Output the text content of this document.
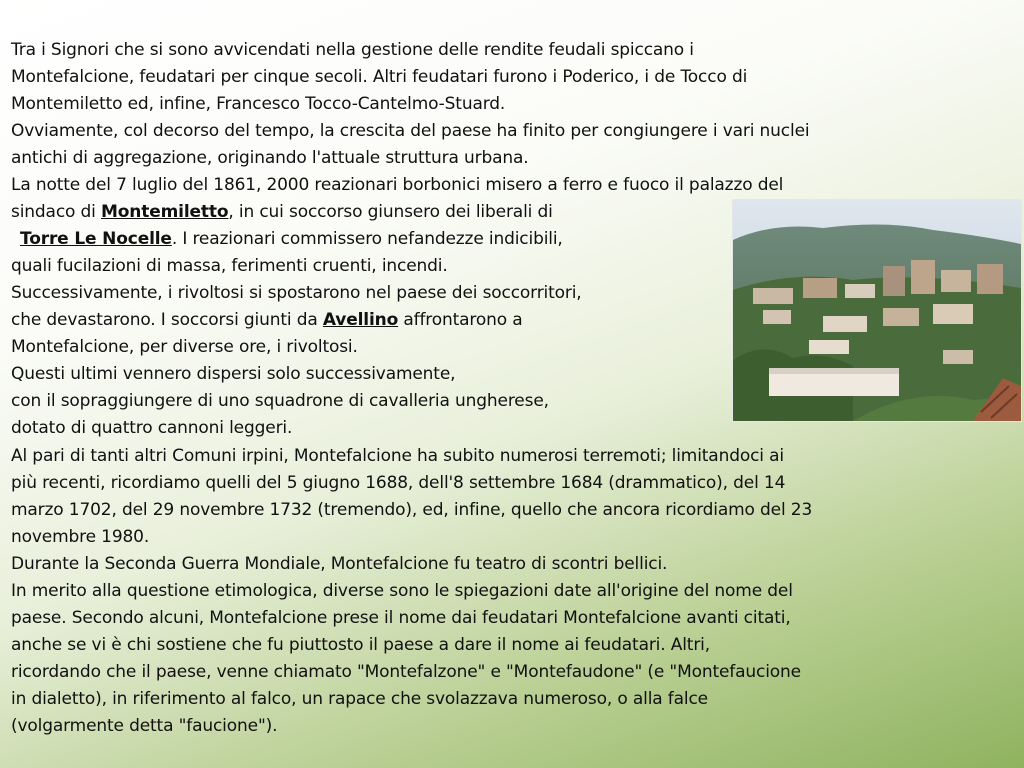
Tra i Signori che si sono avvicendati nella gestione delle rendite feudali spiccano i
Montefalcione, feudatari per cinque secoli. Altri feudatari furono i Poderico, i de Tocco di
Montemiletto ed, infine, Francesco Tocco-Cantelmo-Stuard.
Ovviamente, col decorso del tempo, la crescita del paese ha finito per congiungere i vari nuclei
antichi di aggregazione, originando l'attuale struttura urbana.
La notte del 7 luglio del 1861, 2000 reazionari borbonici misero a ferro e fuoco il palazzo del
sindaco di Montemiletto, in cui soccorso giunsero dei liberali di
Torre Le Nocelle. I reazionari commissero nefandezze indicibili,
quali fucilazioni di massa, ferimenti cruenti, incendi.
Successivamente, i rivoltosi si spostarono nel paese dei soccorritori,
che devastarono. I soccorsi giunti da Avellino affrontarono a
Montefalcione, per diverse ore, i rivoltosi.
Questi ultimi vennero dispersi solo successivamente,
con il sopraggiungere di uno squadrone di cavalleria ungherese,
dotato di quattro cannoni leggeri.
Al pari di tanti altri Comuni irpini, Montefalcione ha subito numerosi terremoti; limitandoci ai
più recenti, ricordiamo quelli del 5 giugno 1688, dell'8 settembre 1684 (drammatico), del 14
marzo 1702, del 29 novembre 1732 (tremendo), ed, infine, quello che ancora ricordiamo del 23
novembre 1980.
Durante la Seconda Guerra Mondiale, Montefalcione fu teatro di scontri bellici.
In merito alla questione etimologica, diverse sono le spiegazioni date all'origine del nome del
paese. Secondo alcuni, Montefalcione prese il nome dai feudatari Montefalcione avanti citati,
anche se vi è chi sostiene che fu piuttosto il paese a dare il nome ai feudatari. Altri,
ricordando che il paese, venne chiamato "Montefalzone" e "Montefaudone" (e "Montefaucione
in dialetto), in riferimento al falco, un rapace che svolazzava numeroso, o alla falce
(volgarmente detta "faucione").
